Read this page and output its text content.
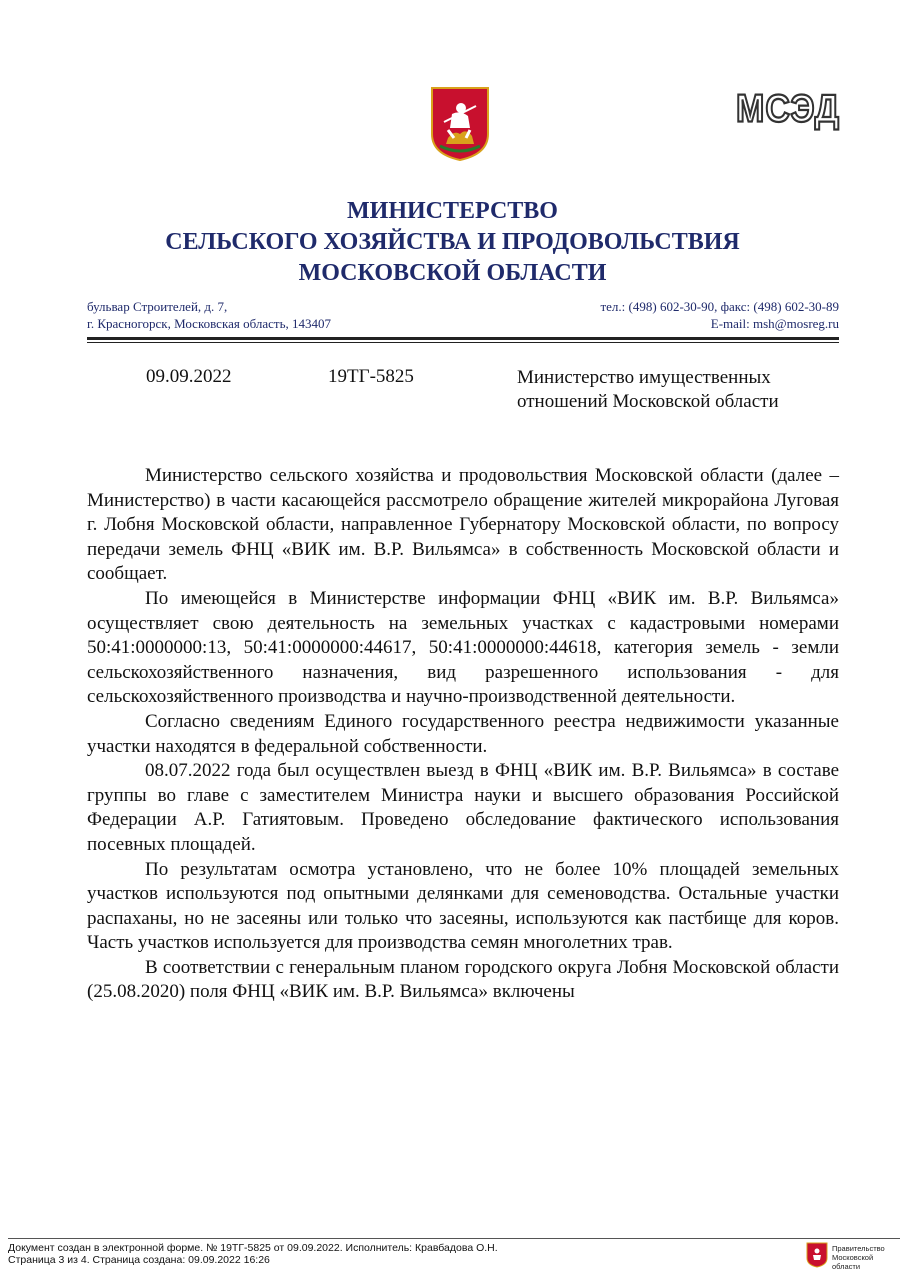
МСЭД
МИНИСТЕРСТВО
СЕЛЬСКОГО ХОЗЯЙСТВА И ПРОДОВОЛЬСТВИЯ
МОСКОВСКОЙ ОБЛАСТИ
бульвар Строителей, д. 7,
г. Красногорск, Московская область, 143407
тел.: (498) 602-30-90, факс: (498) 602-30-89
E-mail: msh@mosreg.ru
09.09.2022	19ТГ-5825	Министерство имущественных
отношений Московской области

Министерство сельского хозяйства и продовольствия Московской области (далее – Министерство) в части касающейся рассмотрело обращение жителей микрорайона Луговая г. Лобня Московской области, направленное Губернатору Московской области, по вопросу передачи земель ФНЦ «ВИК им. В.Р. Вильямса» в собственность Московской области и сообщает.

По имеющейся в Министерстве информации ФНЦ «ВИК им. В.Р. Вильямса» осуществляет свою деятельность на земельных участках с кадастровыми номерами 50:41:0000000:13, 50:41:0000000:44617, 50:41:0000000:44618, категория земель - земли сельскохозяйственного назначения, вид разрешенного использования - для сельскохозяйственного производства и научно-производственной деятельности.

Согласно сведениям Единого государственного реестра недвижимости указанные участки находятся в федеральной собственности.

08.07.2022 года был осуществлен выезд в ФНЦ «ВИК им. В.Р. Вильямса» в составе группы во главе с заместителем Министра науки и высшего образования Российской Федерации А.Р. Гатиятовым. Проведено обследование фактического использования посевных площадей.

По результатам осмотра установлено, что не более 10% площадей земельных участков используются под опытными делянками для семеноводства. Остальные участки распаханы, но не засеяны или только что засеяны, используются как пастбище для коров. Часть участков используется для производства семян многолетних трав.

В соответствии с генеральным планом городского округа Лобня Московской области (25.08.2020) поля ФНЦ «ВИК им. В.Р. Вильямса» включены

Документ создан в электронной форме. № 19ТГ-5825 от 09.09.2022. Исполнитель: Кравбадова О.Н.
Страница 3 из 4. Страница создана: 09.09.2022 16:26
Правительство
Московской области
